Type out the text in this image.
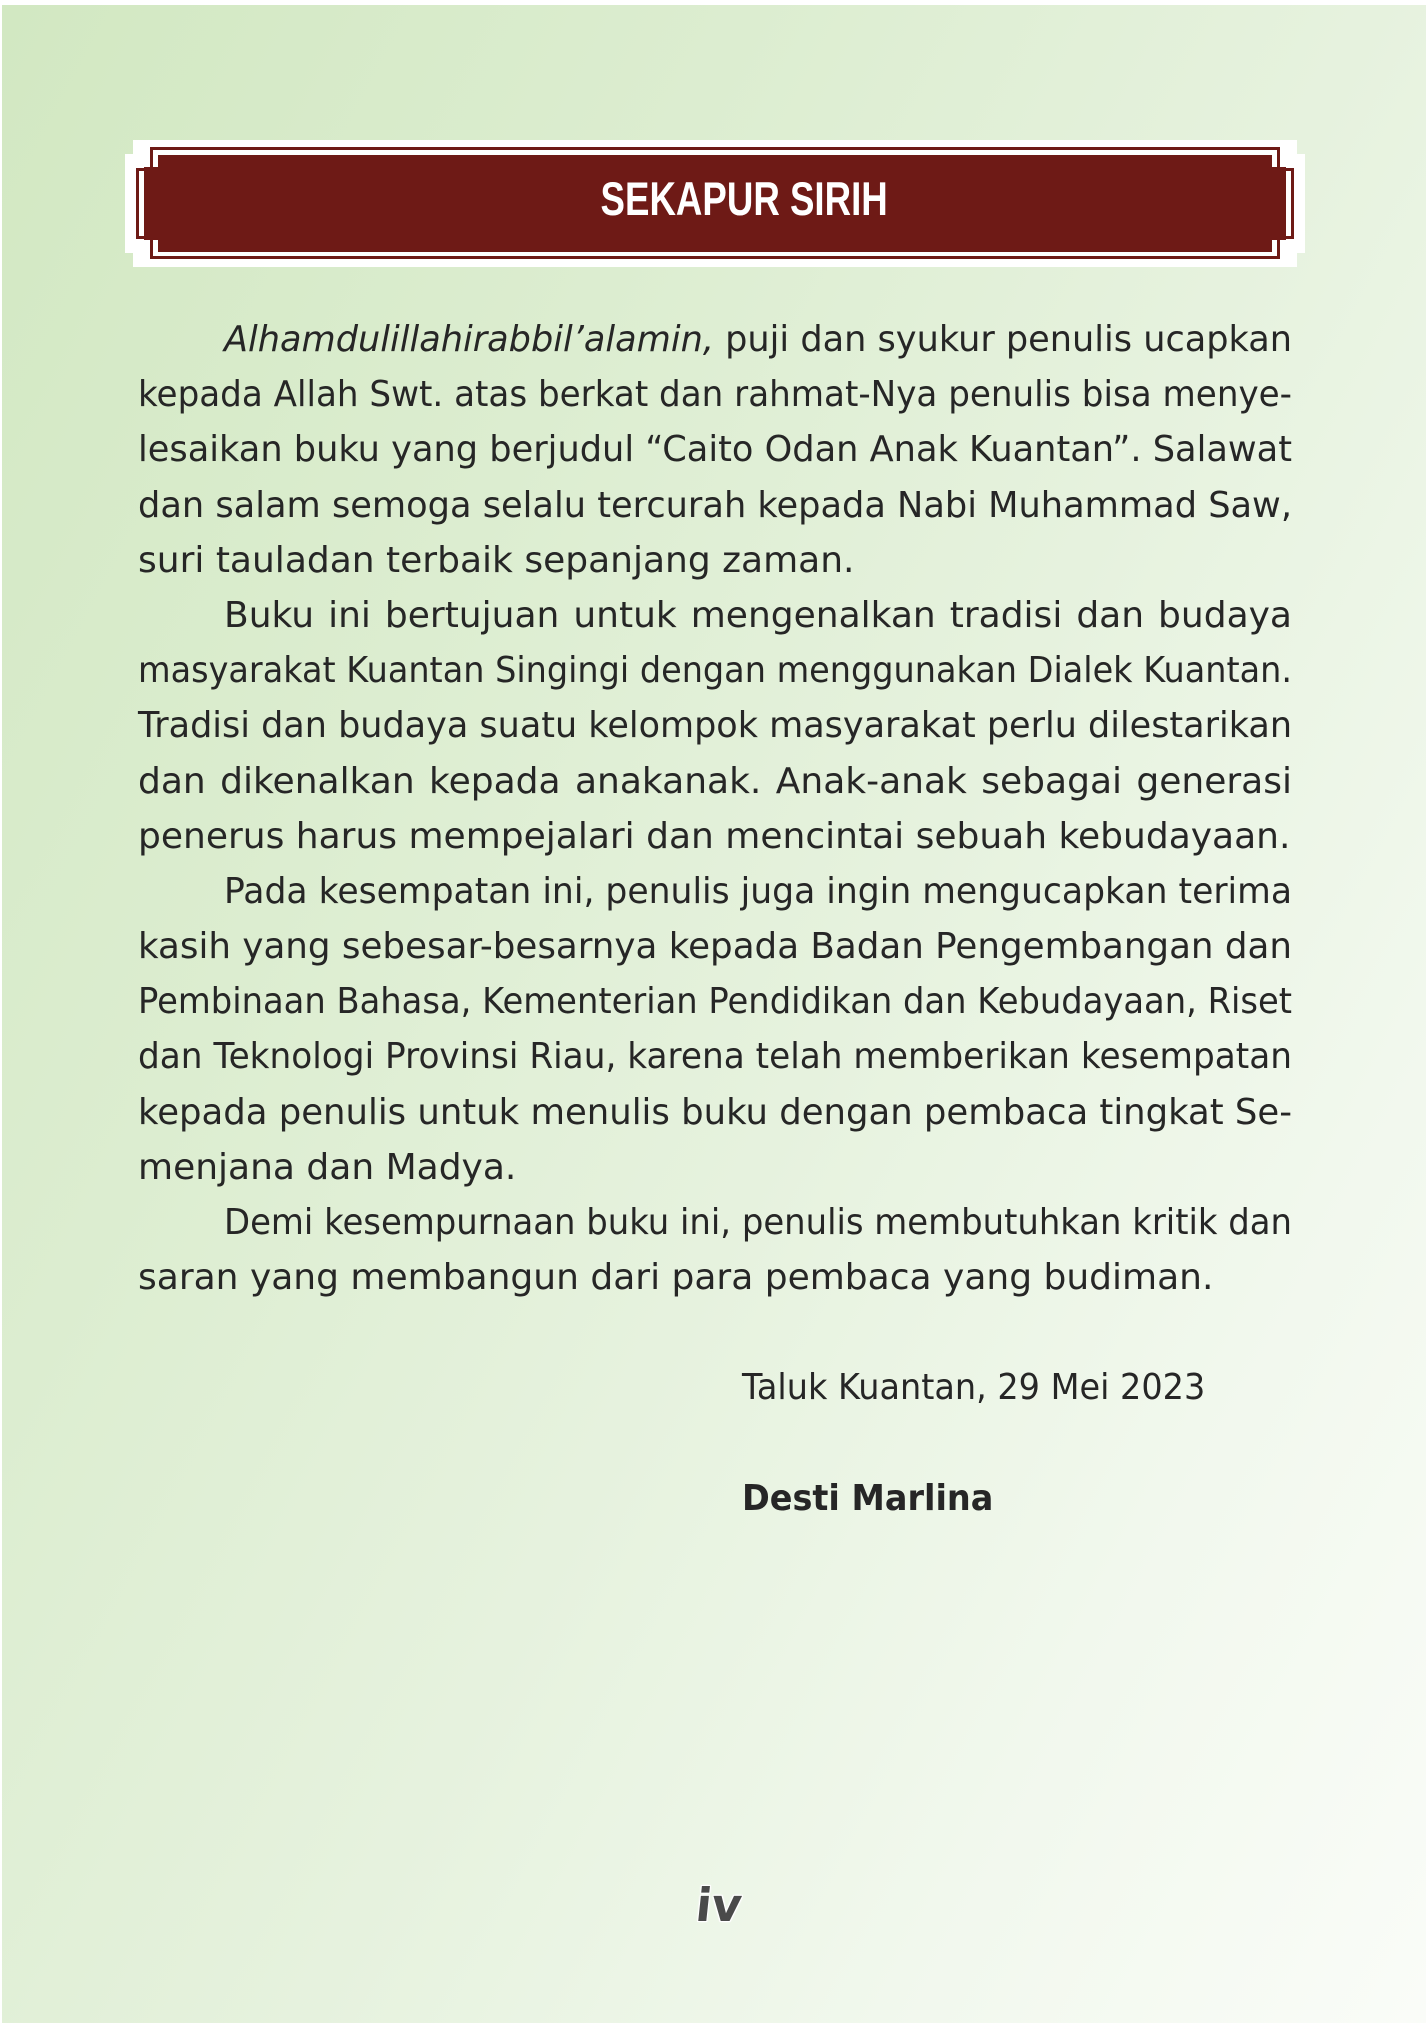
SEKAPUR SIRIH
Alhamdulillahirabbil’alamin, puji dan syukur penulis ucapkan
kepada Allah Swt. atas berkat dan rahmat-Nya penulis bisa menye-
lesaikan buku yang berjudul “Caito Odan Anak Kuantan”. Salawat
dan salam semoga selalu tercurah kepada Nabi Muhammad Saw,
suri tauladan terbaik sepanjang zaman.
Buku ini bertujuan untuk mengenalkan tradisi dan budaya
masyarakat Kuantan Singingi dengan menggunakan Dialek Kuantan.
Tradisi dan budaya suatu kelompok masyarakat perlu dilestarikan
dan dikenalkan kepada anakanak. Anak-anak sebagai generasi
penerus harus mempejalari dan mencintai sebuah kebudayaan.
Pada kesempatan ini, penulis juga ingin mengucapkan terima
kasih yang sebesar-besarnya kepada Badan Pengembangan dan
Pembinaan Bahasa, Kementerian Pendidikan dan Kebudayaan, Riset
dan Teknologi Provinsi Riau, karena telah memberikan kesempatan
kepada penulis untuk menulis buku dengan pembaca tingkat Se-
menjana dan Madya.
Demi kesempurnaan buku ini, penulis membutuhkan kritik dan
saran yang membangun dari para pembaca yang budiman.
Taluk Kuantan, 29 Mei 2023
Desti Marlina
iv
